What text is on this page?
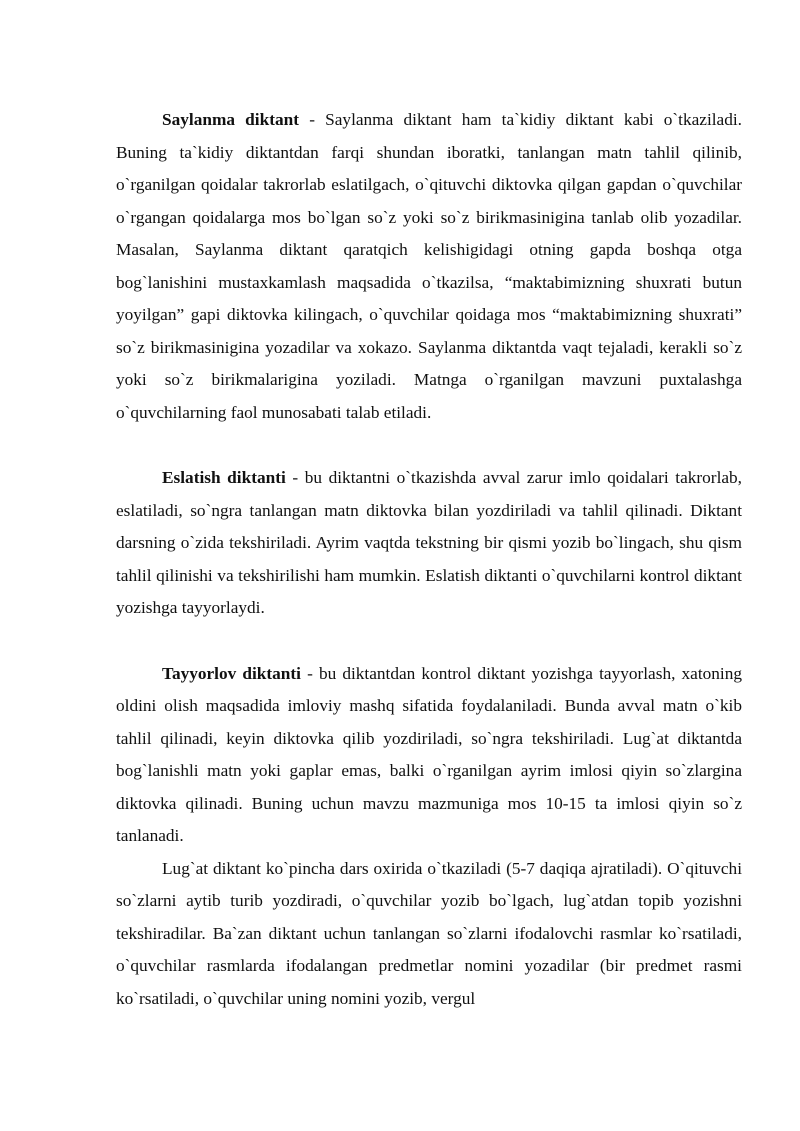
Saylanma diktant - Saylanma diktant ham ta`kidiy diktant kabi o`tkaziladi. Buning ta`kidiy diktantdan farqi shundan iboratki, tanlangan matn tahlil qilinib, o`rganilgan qoidalar takrorlab eslatilgach, o`qituvchi diktovka qilgan gapdan o`quvchilar o`rgangan qoidalarga mos bo`lgan so`z yoki so`z birikmasinigina tanlab olib yozadilar. Masalan, Saylanma diktant qaratqich kelishigidagi otning gapda boshqa otga bog`lanishini mustaxkamlash maqsadida o`tkazilsa, “maktabimizning shuxrati butun yoyilgan” gapi diktovka kilingach, o`quvchilar qoidaga mos “maktabimizning shuxrati” so`z birikmasinigina yozadilar va xokazo. Saylanma diktantda vaqt tejaladi, kerakli so`z yoki so`z birikmalarigina yoziladi. Matnga o`rganilgan mavzuni puxtalashga o`quvchilarning faol munosabati talab etiladi.

Eslatish diktanti - bu diktantni o`tkazishda avval zarur imlo qoidalari takrorlab, eslatiladi, so`ngra tanlangan matn diktovka bilan yozdiriladi va tahlil qilinadi. Diktant darsning o`zida tekshiriladi. Ayrim vaqtda tekstning bir qismi yozib bo`lingach, shu qism tahlil qilinishi va tekshirilishi ham mumkin. Eslatish diktanti o`quvchilarni kontrol diktant yozishga tayyorlaydi.

Tayyorlov diktanti - bu diktantdan kontrol diktant yozishga tayyorlash, xatoning oldini olish maqsadida imloviy mashq sifatida foydalaniladi. Bunda avval matn o`kib tahlil qilinadi, keyin diktovka qilib yozdiriladi, so`ngra tekshiriladi. Lug`at diktantda bog`lanishli matn yoki gaplar emas, balki o`rganilgan ayrim imlosi qiyin so`zlargina diktovka qilinadi. Buning uchun mavzu mazmuniga mos 10-15 ta imlosi qiyin so`z tanlanadi.

Lug`at diktant ko`pincha dars oxirida o`tkaziladi (5-7 daqiqa ajratiladi). O`qituvchi so`zlarni aytib turib yozdiradi, o`quvchilar yozib bo`lgach, lug`atdan topib yozishni tekshiradilar. Ba`zan diktant uchun tanlangan so`zlarni ifodalovchi rasmlar ko`rsatiladi, o`quvchilar rasmlarda ifodalangan predmetlar nomini yozadilar (bir predmet rasmi ko`rsatiladi, o`quvchilar uning nomini yozib, vergul
